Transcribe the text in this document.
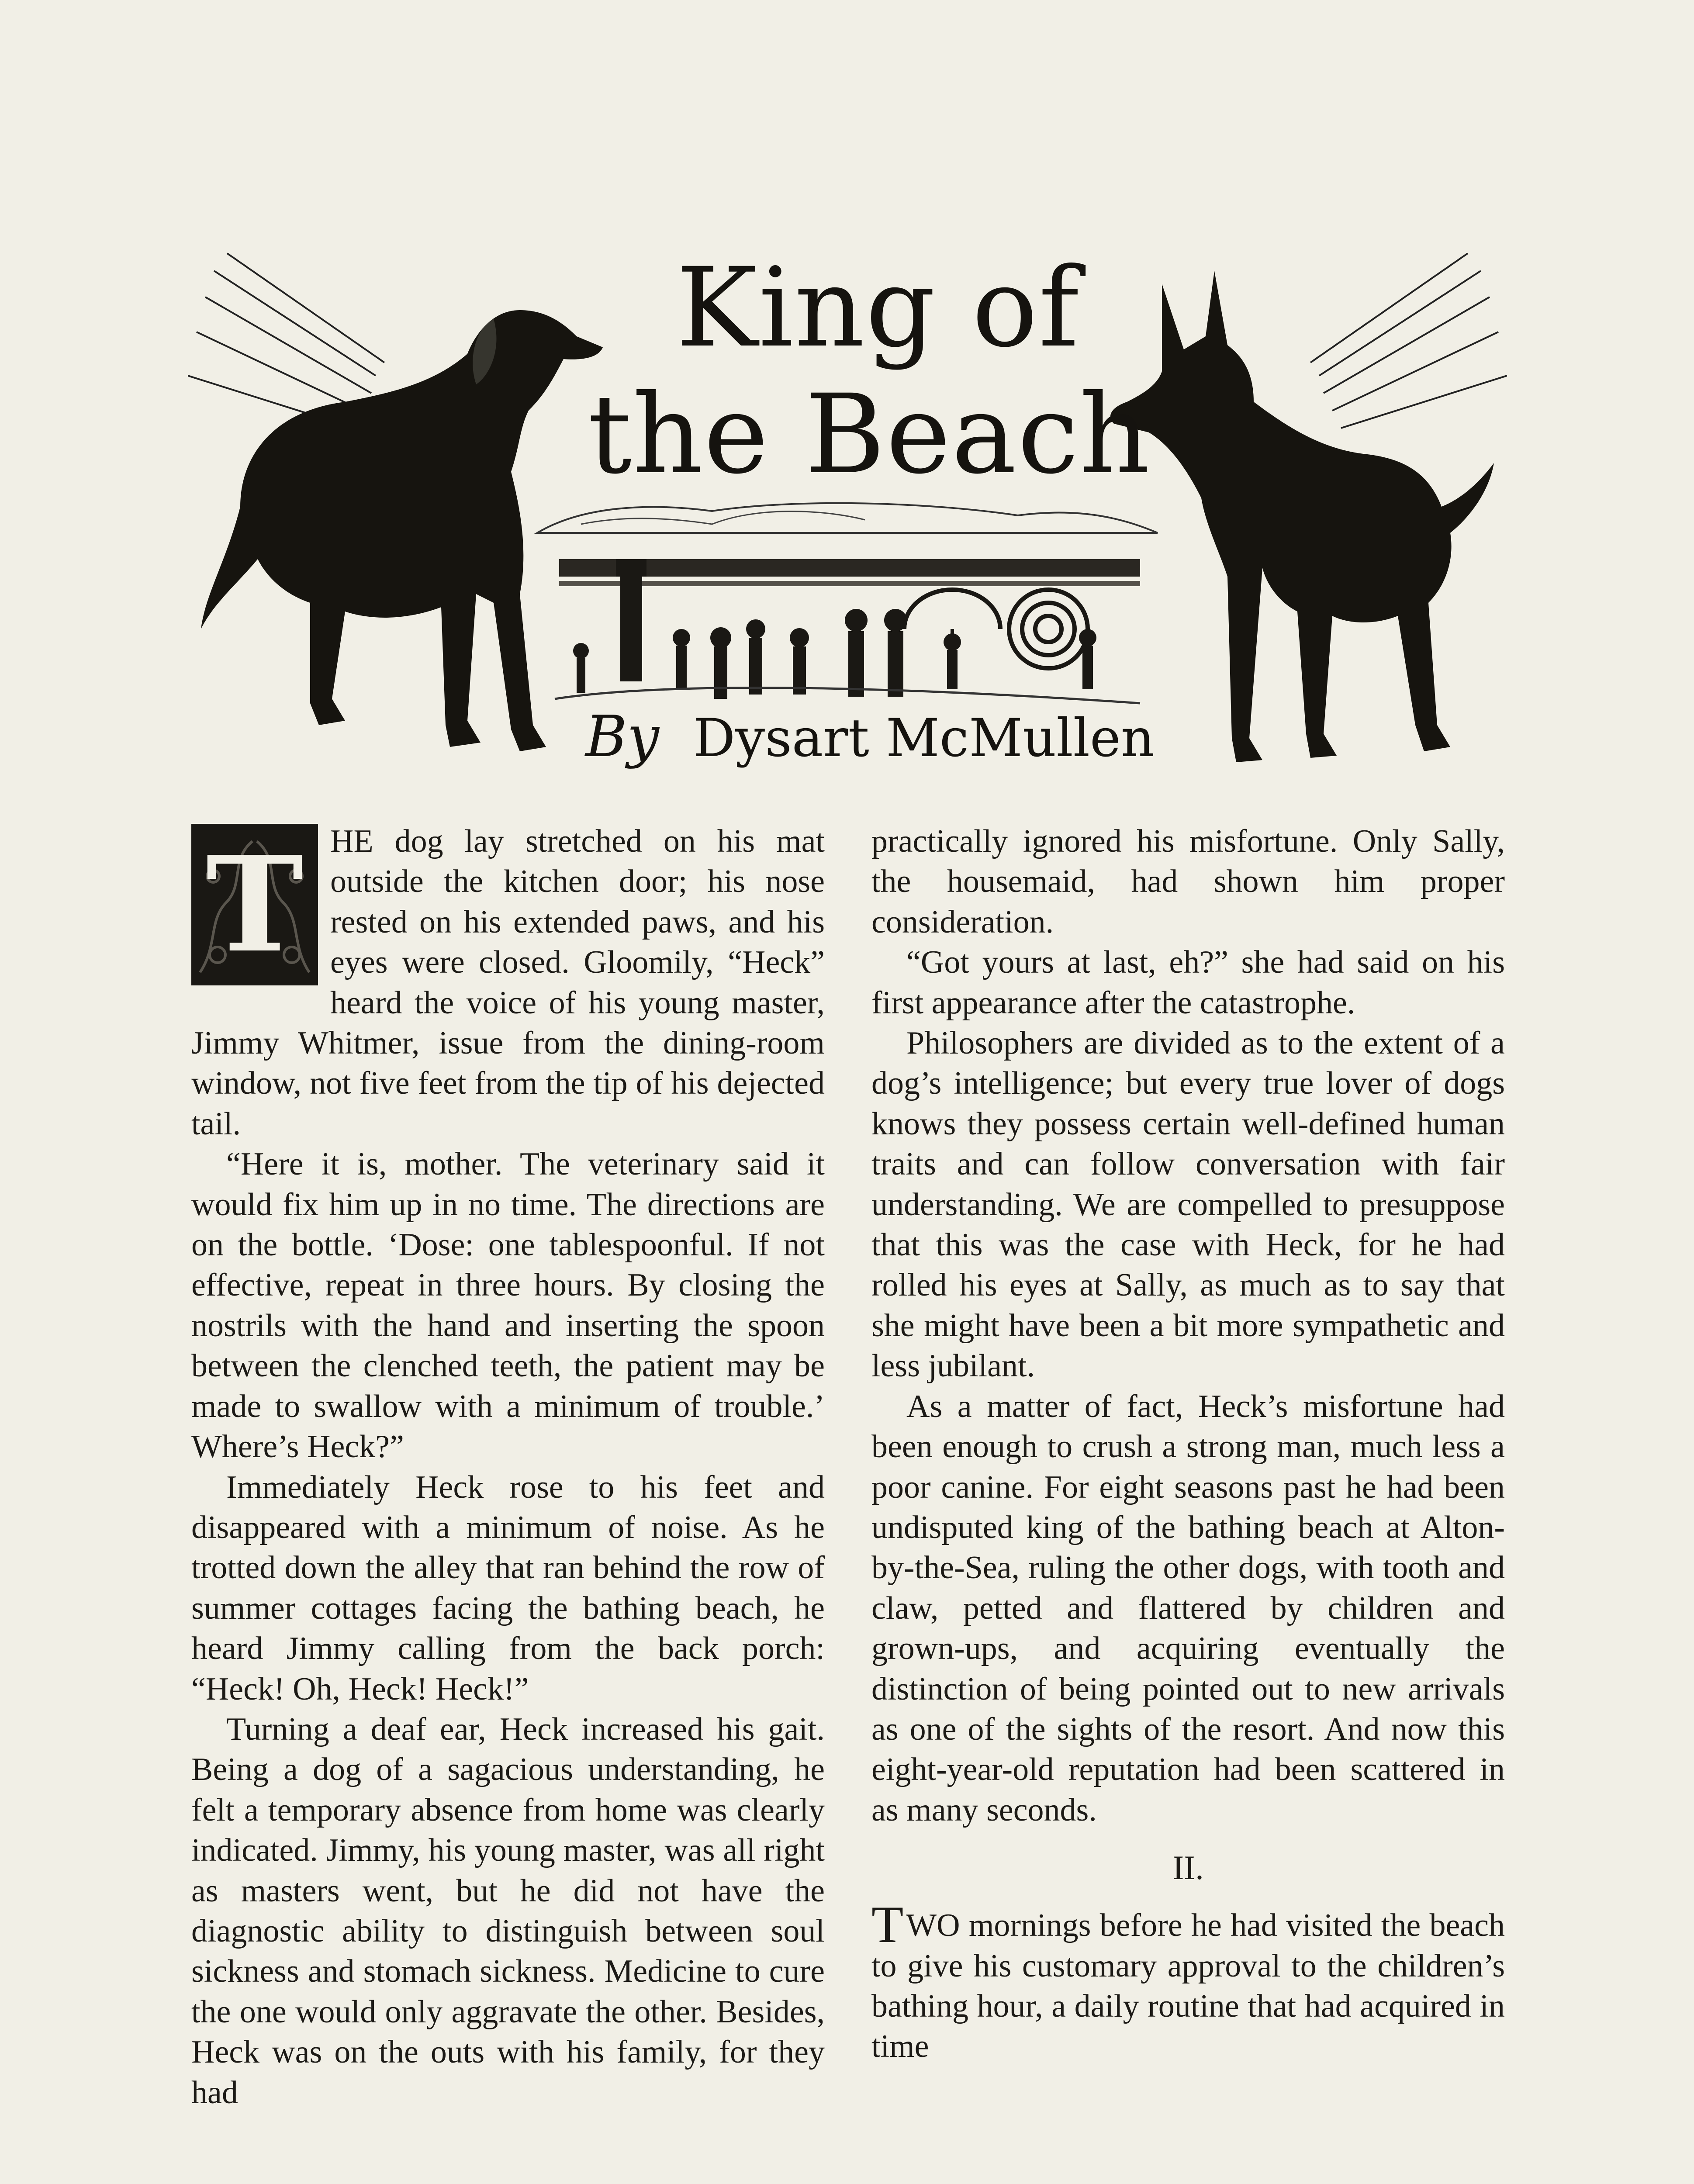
King of
the Beach
By Dysart McMullen
T HE dog lay stretched on his mat outside the kitchen door; his nose rested on his extended paws, and his eyes were closed. Gloomily, “Heck” heard the voice of his young master, Jimmy Whitmer, issue from the dining-room window, not five feet from the tip of his dejected tail.

“Here it is, mother. The veterinary said it would fix him up in no time. The directions are on the bottle. ‘Dose: one tablespoonful. If not effective, repeat in three hours. By closing the nostrils with the hand and inserting the spoon between the clenched teeth, the patient may be made to swallow with a minimum of trouble.’ Where’s Heck?”

Immediately Heck rose to his feet and disappeared with a minimum of noise. As he trotted down the alley that ran behind the row of summer cottages facing the bathing beach, he heard Jimmy calling from the back porch: “Heck! Oh, Heck! Heck!”

Turning a deaf ear, Heck increased his gait. Being a dog of a sagacious understanding, he felt a temporary absence from home was clearly indicated. Jimmy, his young master, was all right as masters went, but he did not have the diagnostic ability to distinguish between soul sickness and stomach sickness. Medicine to cure the one would only aggravate the other. Besides, Heck was on the outs with his family, for they had

practically ignored his misfortune. Only Sally, the housemaid, had shown him proper consideration.

“Got yours at last, eh?” she had said on his first appearance after the catastrophe.

Philosophers are divided as to the extent of a dog’s intelligence; but every true lover of dogs knows they possess certain well-defined human traits and can follow conversation with fair understanding. We are compelled to presuppose that this was the case with Heck, for he had rolled his eyes at Sally, as much as to say that she might have been a bit more sympathetic and less jubilant.

As a matter of fact, Heck’s misfortune had been enough to crush a strong man, much less a poor canine. For eight seasons past he had been undisputed king of the bathing beach at Alton-by-the-Sea, ruling the other dogs, with tooth and claw, petted and flattered by children and grown-ups, and acquiring eventually the distinction of being pointed out to new arrivals as one of the sights of the resort. And now this eight-year-old reputation had been scattered in as many seconds.

II.

TWO mornings before he had visited the beach to give his customary approval to the children’s bathing hour, a daily routine that had acquired in time
